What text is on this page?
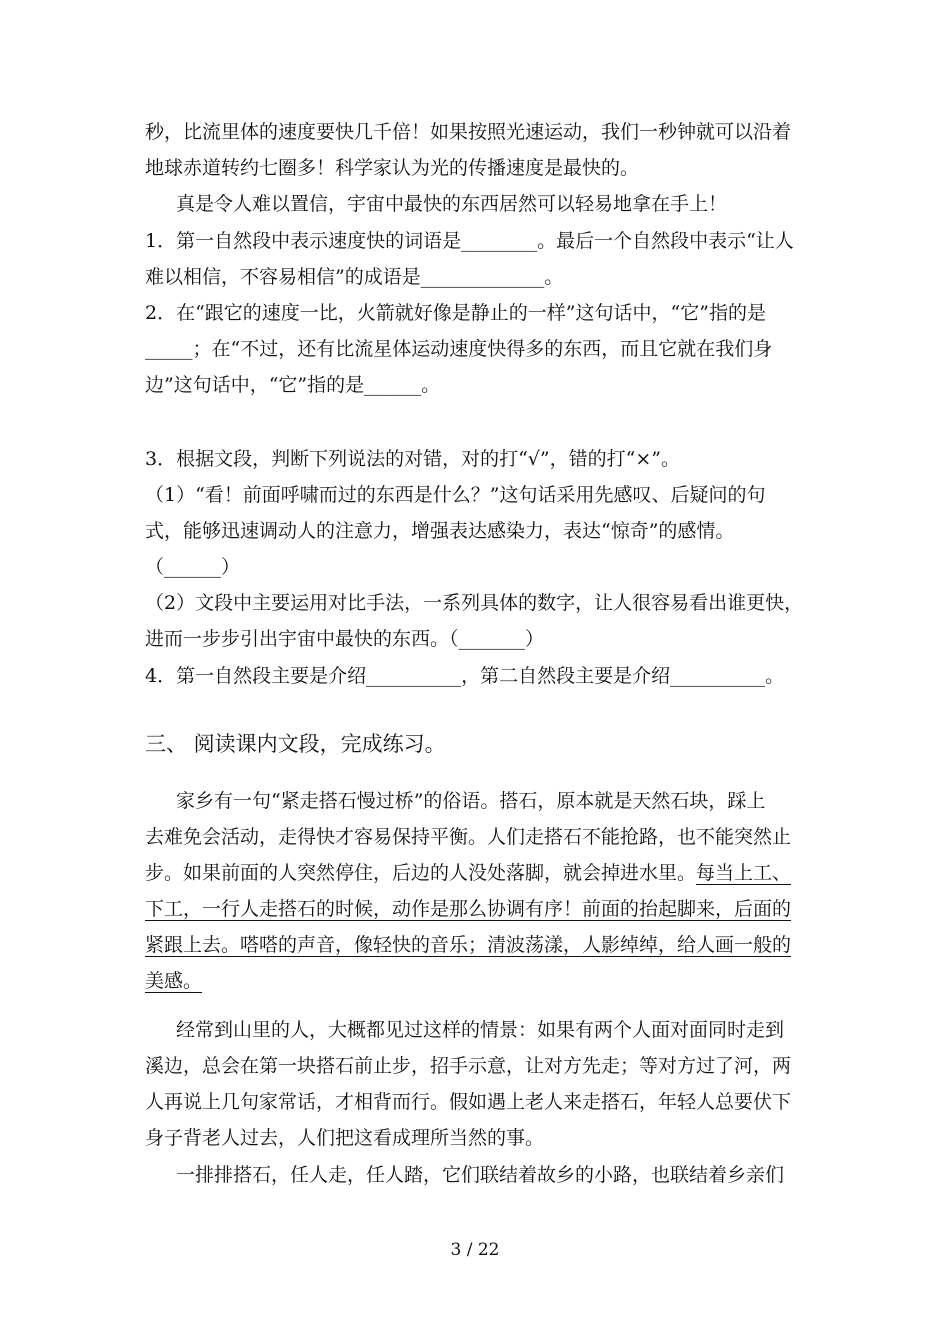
秒，比流里体的速度要快几千倍！如果按照光速运动，我们一秒钟就可以沿着
地球赤道转约七圈多！科学家认为光的传播速度是最快的。
真是令人难以置信，宇宙中最快的东西居然可以轻易地拿在手上！
1．第一自然段中表示速度快的词语是________。最后一个自然段中表示“让人
难以相信，不容易相信”的成语是_____________。
2．在“跟它的速度一比，火箭就好像是静止的一样”这句话中，“它”指的是
_____；在“不过，还有比流星体运动速度快得多的东西，而且它就在我们身
边”这句话中，“它”指的是______。
3．根据文段，判断下列说法的对错，对的打“√”，错的打“×”。
（1）“看！前面呼啸而过的东西是什么？”这句话采用先感叹、后疑问的句
式，能够迅速调动人的注意力，增强表达感染力，表达“惊奇”的感情。
（______）
（2）文段中主要运用对比手法，一系列具体的数字，让人很容易看出谁更快，
进而一步步引出宇宙中最快的东西。（_______）
4．第一自然段主要是介绍__________，第二自然段主要是介绍__________。
三、 阅读课内文段，完成练习。
家乡有一句“紧走搭石慢过桥”的俗语。搭石，原本就是天然石块，踩上
去难免会活动，走得快才容易保持平衡。人们走搭石不能抢路，也不能突然止
步。如果前面的人突然停住，后边的人没处落脚，就会掉进水里。每当上工、
下工，一行人走搭石的时候，动作是那么协调有序！前面的抬起脚来，后面的
紧跟上去。嗒嗒的声音，像轻快的音乐；清波荡漾，人影绰绰，给人画一般的
美感。
经常到山里的人，大概都见过这样的情景：如果有两个人面对面同时走到
溪边，总会在第一块搭石前止步，招手示意，让对方先走；等对方过了河，两
人再说上几句家常话，才相背而行。假如遇上老人来走搭石，年轻人总要伏下
身子背老人过去，人们把这看成理所当然的事。
一排排搭石，任人走，任人踏，它们联结着故乡的小路，也联结着乡亲们
3 / 22
